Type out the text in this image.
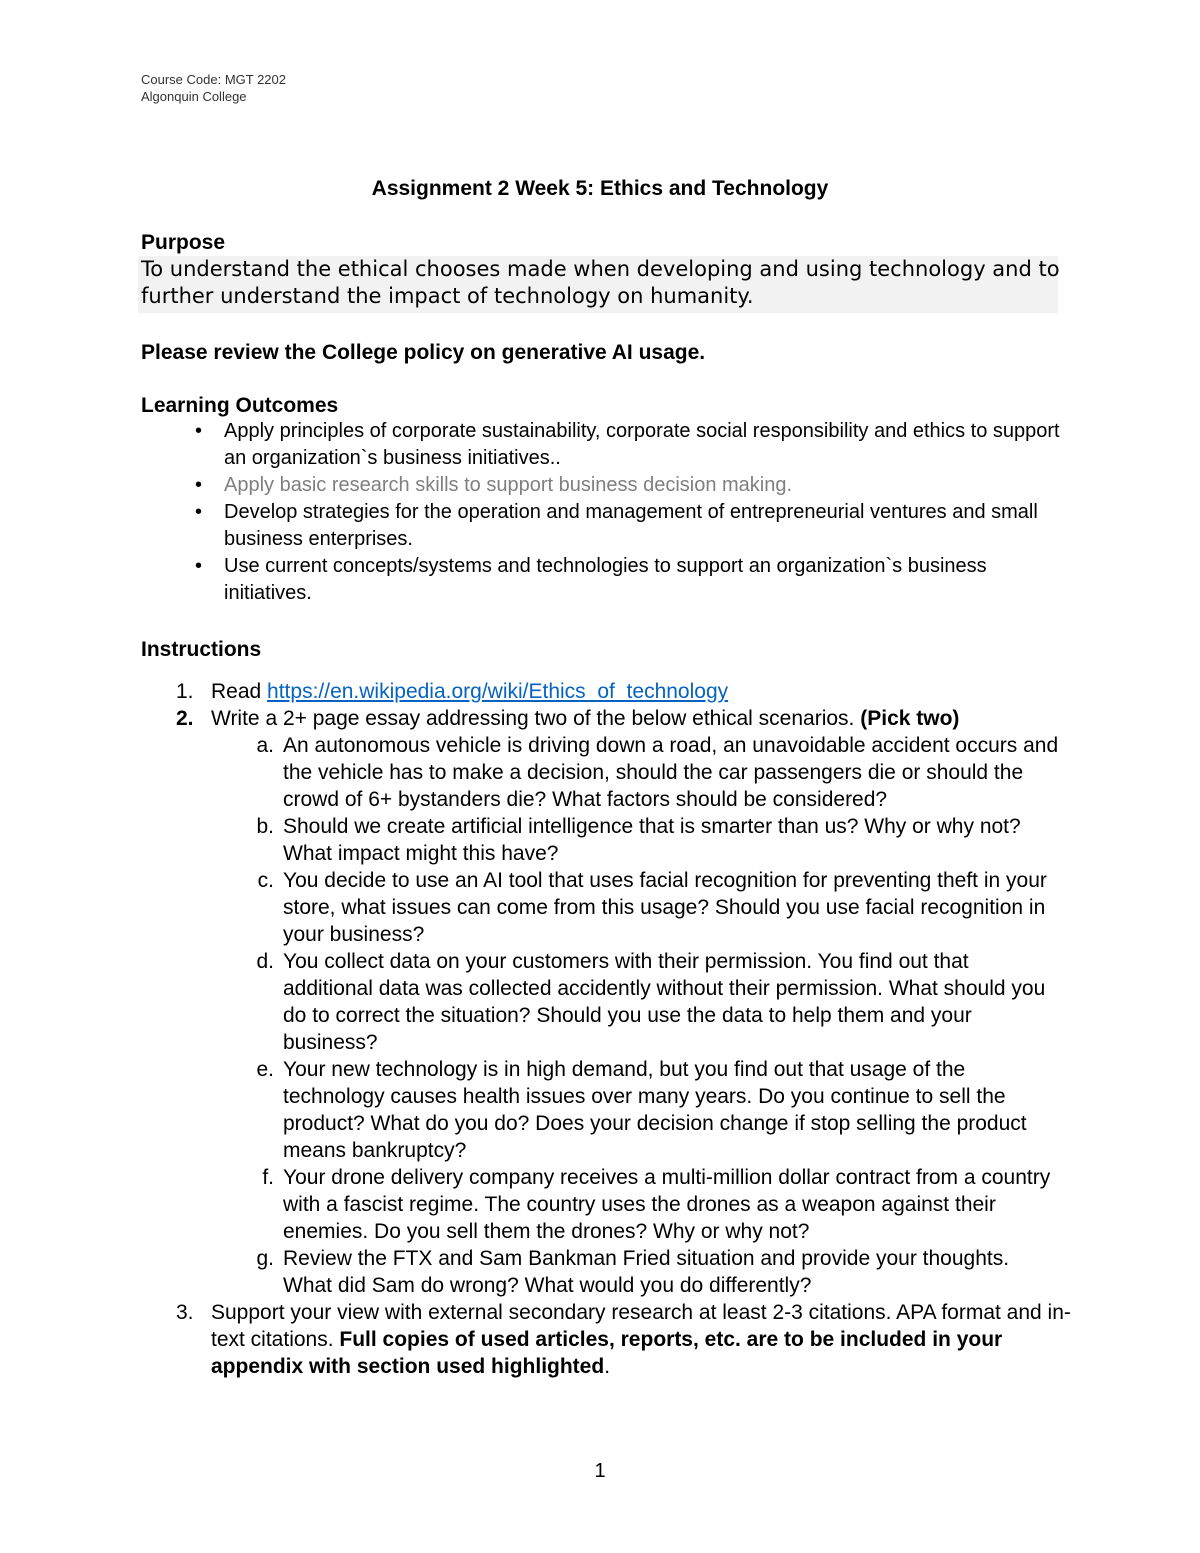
Course Code: MGT 2202
Algonquin College
Assignment 2 Week 5: Ethics and Technology
Purpose

To understand the ethical chooses made when developing and using technology and to further understand the impact of technology on humanity.

Please review the College policy on generative AI usage.
Learning Outcomes
•	Apply principles of corporate sustainability, corporate social responsibility and ethics to support an organization`s business initiatives..
•	Apply basic research skills to support business decision making.
•	Develop strategies for the operation and management of entrepreneurial ventures and small business enterprises.
•	Use current concepts/systems and technologies to support an organization`s business initiatives.
Instructions
1. Read https://en.wikipedia.org/wiki/Ethics_of_technology
2. Write a 2+ page essay addressing two of the below ethical scenarios. (Pick two)
a. An autonomous vehicle is driving down a road, an unavoidable accident occurs and the vehicle has to make a decision, should the car passengers die or should the crowd of 6+ bystanders die? What factors should be considered?
b. Should we create artificial intelligence that is smarter than us? Why or why not? What impact might this have?
c. You decide to use an AI tool that uses facial recognition for preventing theft in your store, what issues can come from this usage? Should you use facial recognition in your business?
d. You collect data on your customers with their permission. You find out that additional data was collected accidently without their permission. What should you do to correct the situation? Should you use the data to help them and your business?
e. Your new technology is in high demand, but you find out that usage of the technology causes health issues over many years. Do you continue to sell the product? What do you do? Does your decision change if stop selling the product means bankruptcy?
f. Your drone delivery company receives a multi-million dollar contract from a country with a fascist regime. The country uses the drones as a weapon against their enemies. Do you sell them the drones? Why or why not?
g. Review the FTX and Sam Bankman Fried situation and provide your thoughts. What did Sam do wrong? What would you do differently?
3. Support your view with external secondary research at least 2-3 citations. APA format and in-text citations. Full copies of used articles, reports, etc. are to be included in your appendix with section used highlighted.
1
